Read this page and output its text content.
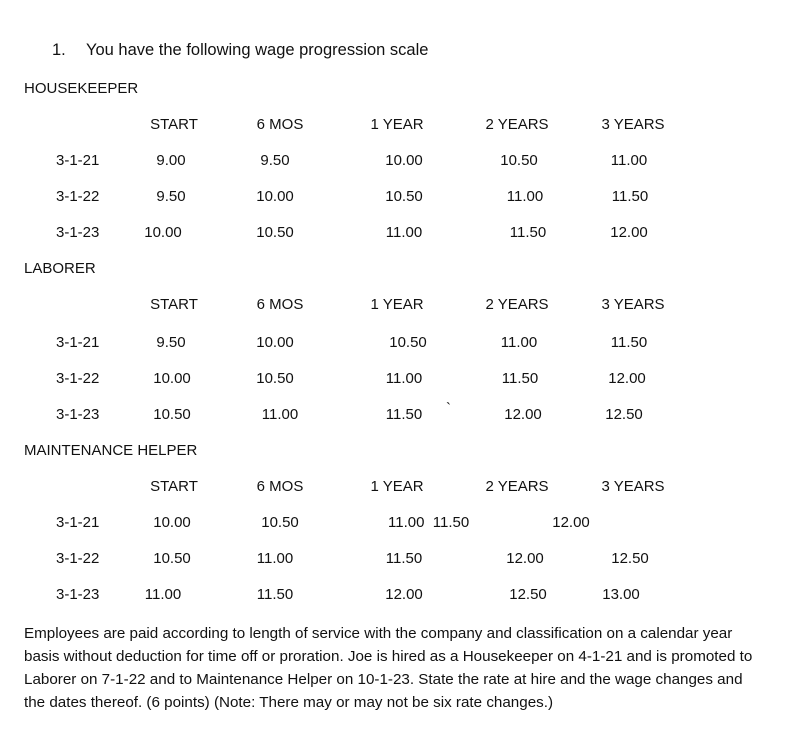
1. You have the following wage progression scale
HOUSEKEEPER
START	6 MOS	1 YEAR	2 YEARS	3 YEARS
3-1-21	9.00	9.50	10.00	10.50	11.00
3-1-22	9.50	10.00	10.50	11.00	11.50
3-1-23	10.00	10.50	11.00	11.50	12.00
LABORER
START	6 MOS	1 YEAR	2 YEARS	3 YEARS
3-1-21	9.50	10.00	10.50	11.00	11.50
3-1-22	10.00	10.50	11.00	11.50	12.00
3-1-23	10.50	11.00	11.50 `	12.00	12.50
MAINTENANCE HELPER
START	6 MOS	1 YEAR	2 YEARS	3 YEARS
3-1-21	10.00	10.50	11.00  11.50	12.00
3-1-22	10.50	11.00	11.50	12.00	12.50
3-1-23	11.00	11.50	12.00	12.50	13.00
Employees are paid according to length of service with the company and classification on a calendar year basis without deduction for time off or proration. Joe is hired as a Housekeeper on 4-1-21 and is promoted to Laborer on 7-1-22 and to Maintenance Helper on 10-1-23. State the rate at hire and the wage changes and the dates thereof. (6 points) (Note: There may or may not be six rate changes.)
